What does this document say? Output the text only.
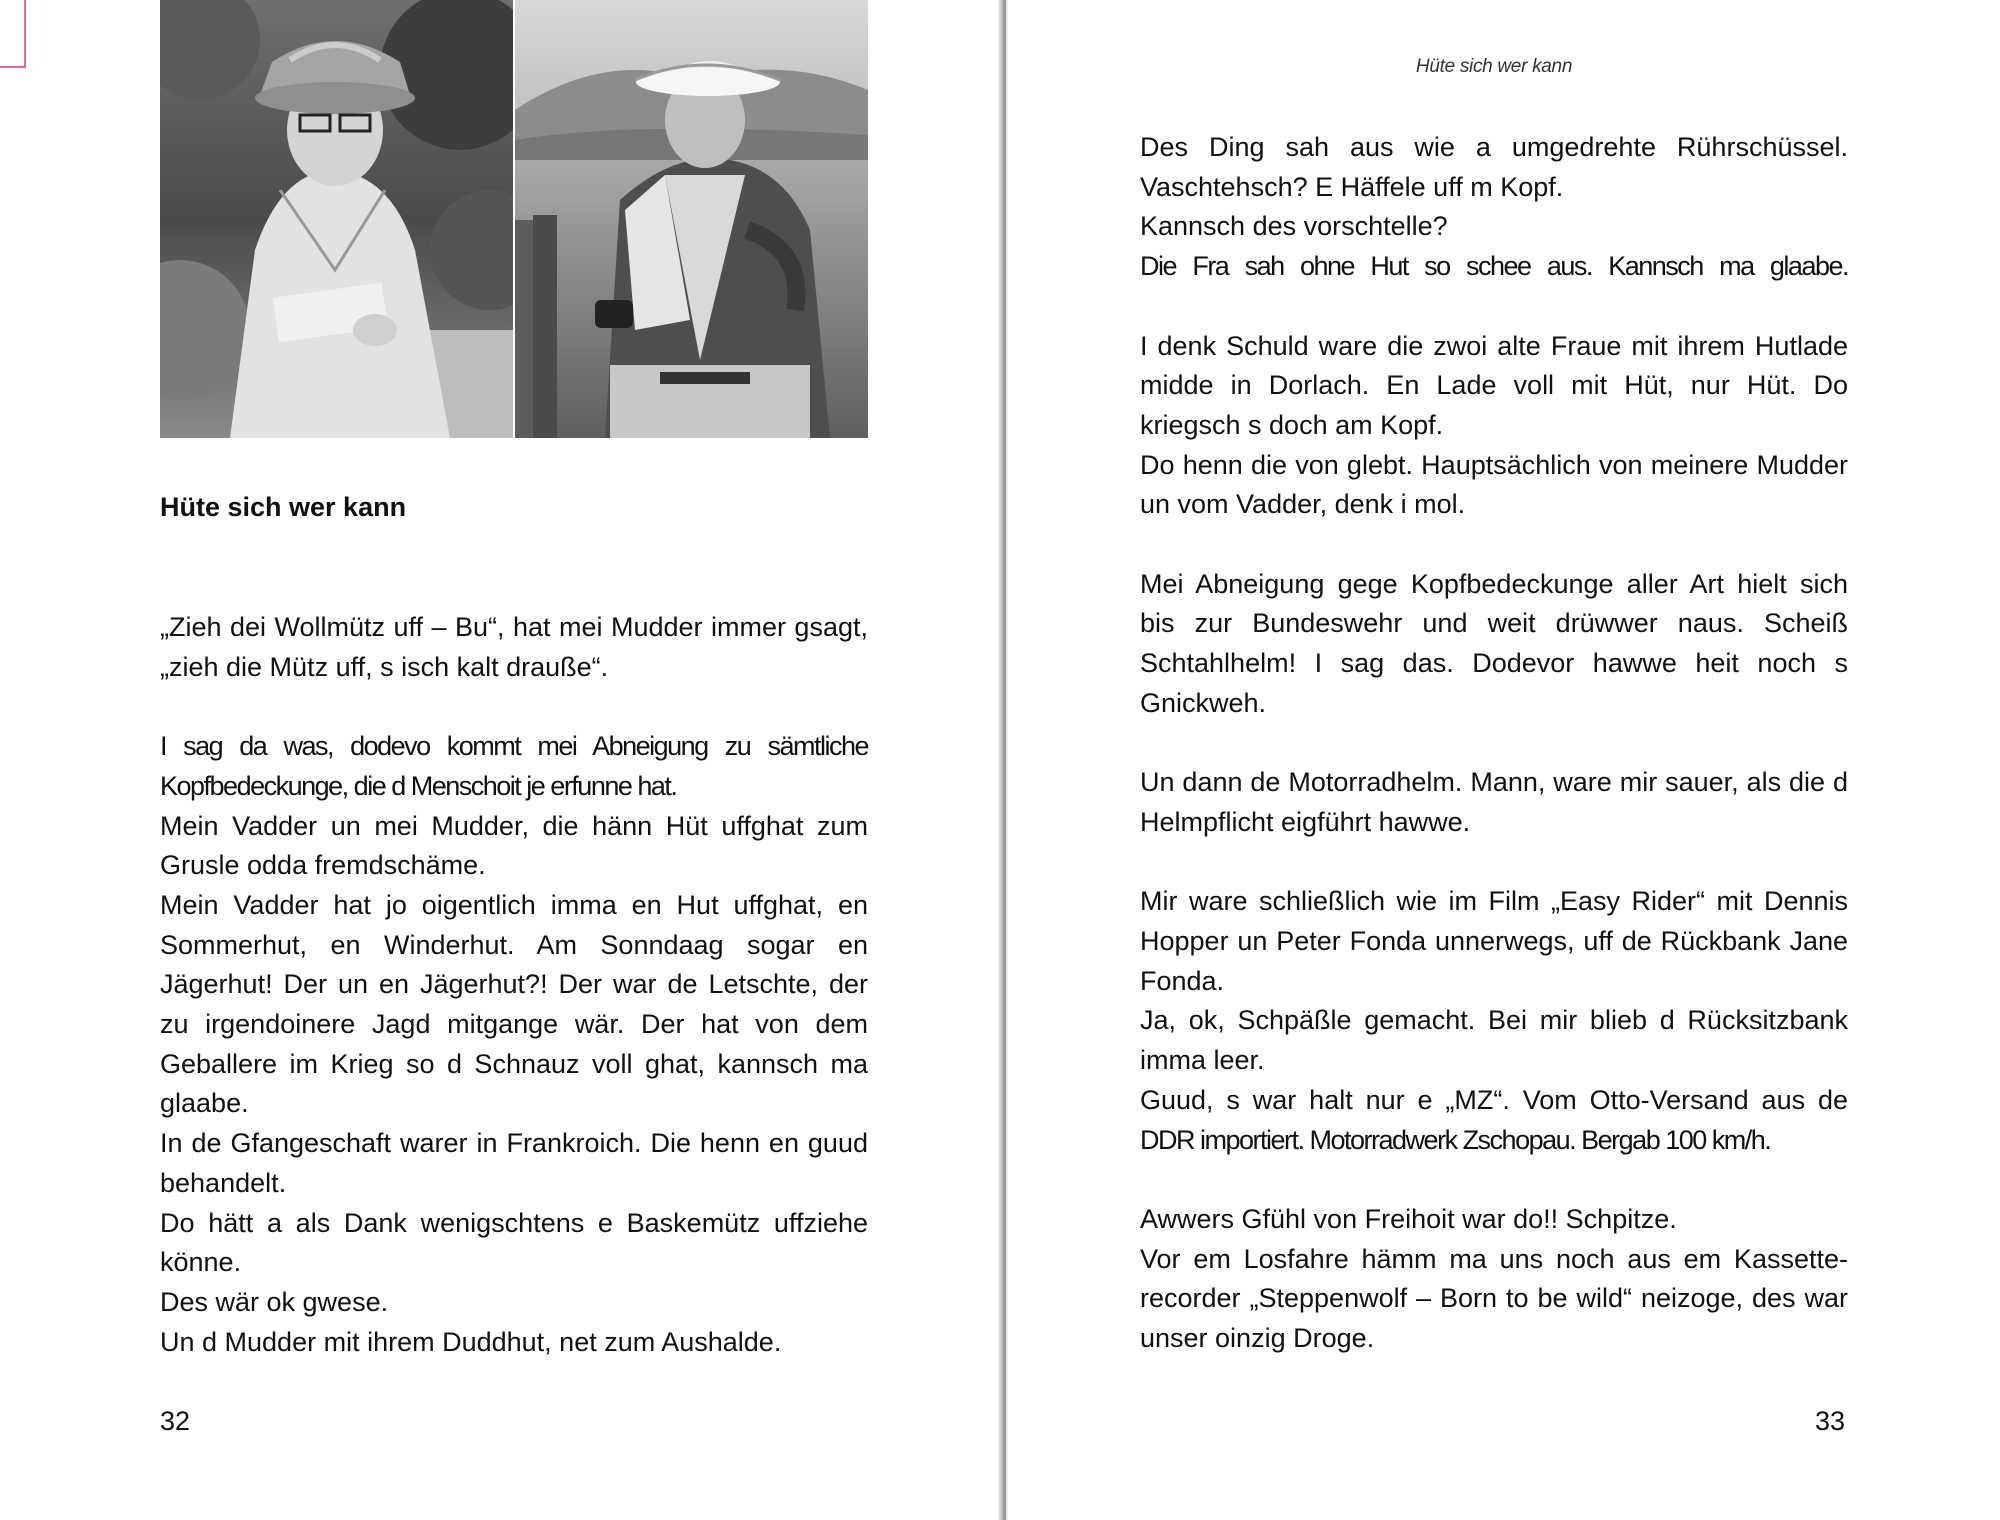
Hüte sich wer kann

„Zieh dei Wollmütz uff – Bu“, hat mei Mudder immer gsagt, „zieh die Mütz uff, s isch kalt drauße“.

I sag da was, dodevo kommt mei Abneigung zu sämtliche Kopfbedeckunge, die d Menschoit je erfunne hat.

Mein Vadder un mei Mudder, die hänn Hüt uffghat zum Grusle odda fremdschäme.

Mein Vadder hat jo oigentlich imma en Hut uffghat, en Sommerhut, en Winderhut. Am Sonndaag sogar en Jägerhut! Der un en Jägerhut?! Der war de Letschte, der zu irgendoinere Jagd mitgange wär. Der hat von dem Geballere im Krieg so d Schnauz voll ghat, kannsch ma glaabe.

In de Gfangeschaft warer in Frankroich. Die henn en guud behandelt.

Do hätt a als Dank wenigschtens e Baskemütz uffziehe könne.

Des wär ok gwese.

Un d Mudder mit ihrem Duddhut, net zum Aushalde.

32
Hüte sich wer kann

Des Ding sah aus wie a umgedrehte Rührschüssel.

Vaschtehsch? E Häffele uff m Kopf.

Kannsch des vorschtelle?

Die Fra sah ohne Hut so schee aus. Kannsch ma glaabe.

I denk Schuld ware die zwoi alte Fraue mit ihrem Hutlade midde in Dorlach. En Lade voll mit Hüt, nur Hüt. Do kriegsch s doch am Kopf.

Do henn die von glebt. Hauptsächlich von meinere Mudder un vom Vadder, denk i mol.

Mei Abneigung gege Kopfbedeckunge aller Art hielt sich bis zur Bundeswehr und weit drüwwer naus. Scheiß Schtahlhelm! I sag das. Dodevor hawwe heit noch s Gnickweh.

Un dann de Motorradhelm. Mann, ware mir sauer, als die d Helmpflicht eigführt hawwe.

Mir ware schließlich wie im Film „Easy Rider“ mit Dennis Hopper un Peter Fonda unnerwegs, uff de Rückbank Jane Fonda.

Ja, ok, Schpäßle gemacht. Bei mir blieb d Rücksitzbank imma leer.

Guud, s war halt nur e „MZ“. Vom Otto-Versand aus de

DDR importiert. Motorradwerk Zschopau. Bergab 100 km/h.

Awwers Gfühl von Freihoit war do!! Schpitze.

Vor em Losfahre hämm ma uns noch aus em Kassetterecorder „Steppenwolf – Born to be wild“ neizoge, des war unser oinzig Droge.

33
